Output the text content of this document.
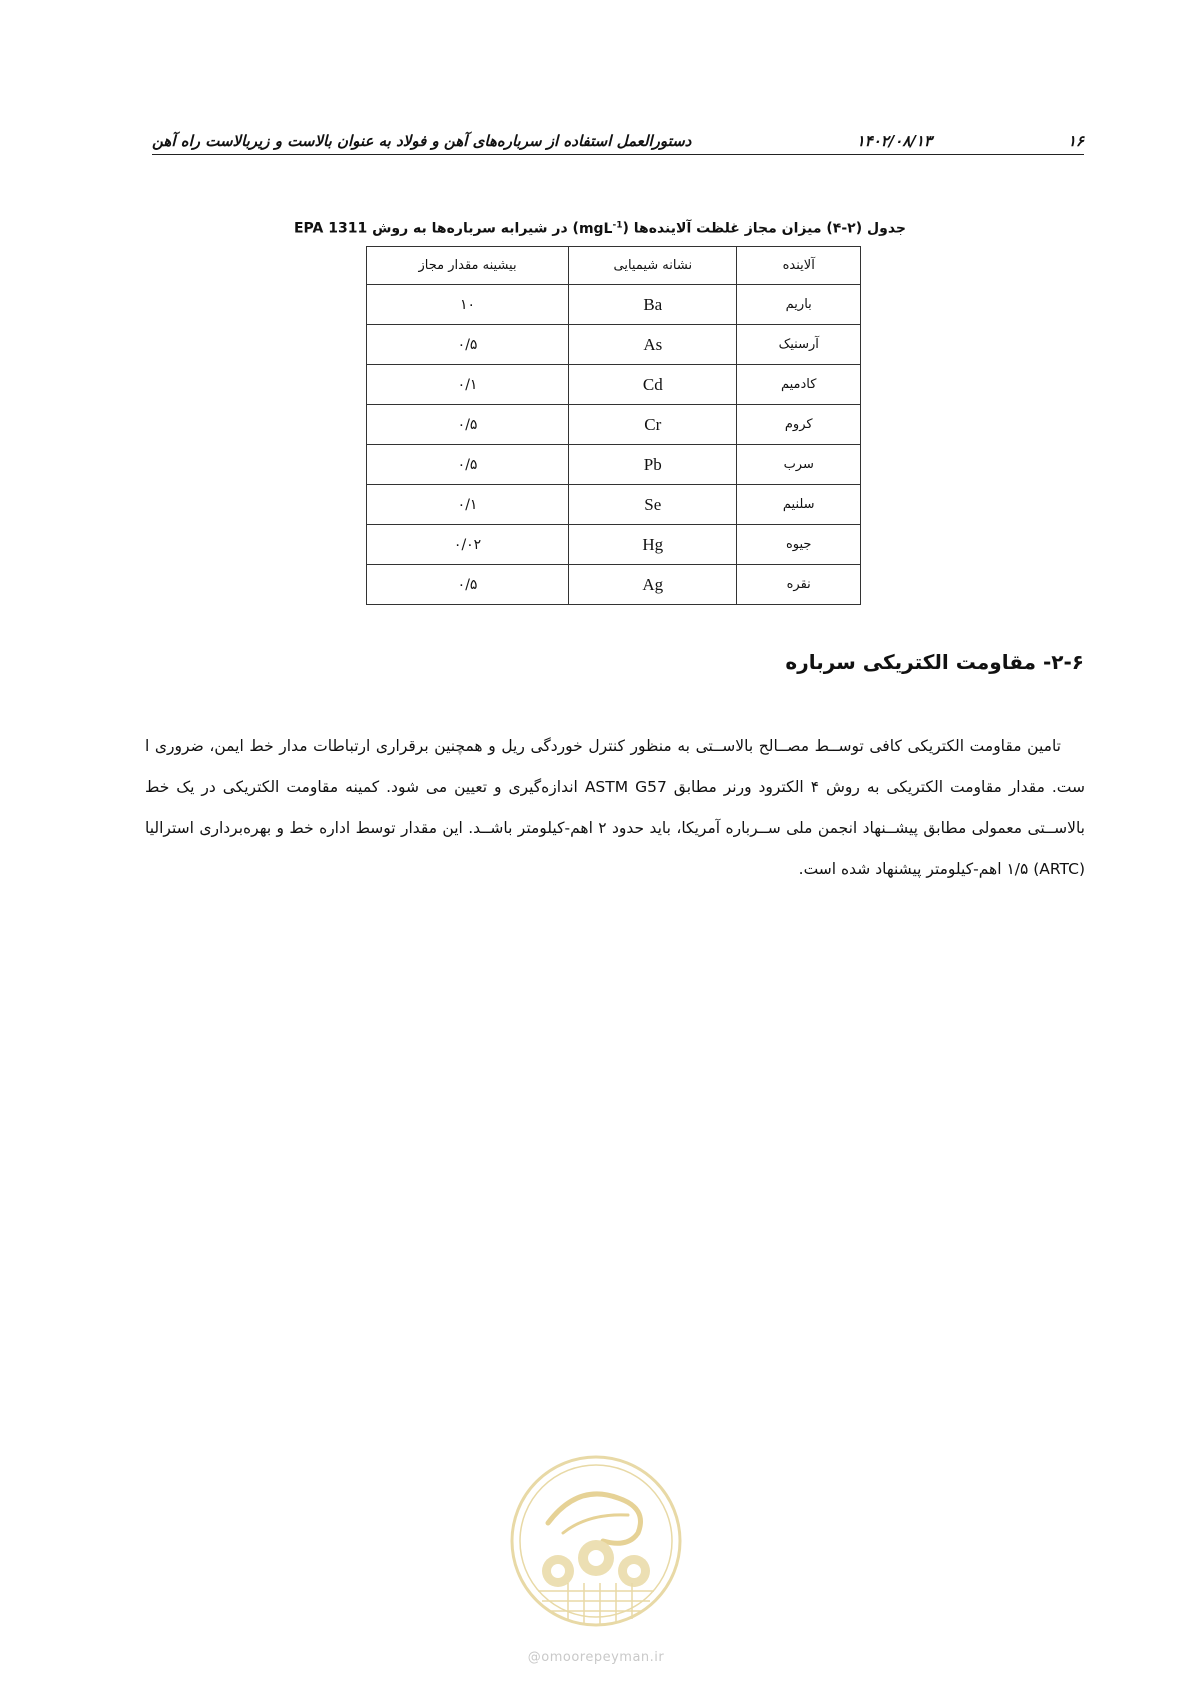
۱۶
۱۴۰۲/۰۸/۱۳
دستورالعمل استفاده از سرباره‌های آهن و فولاد به عنوان بالاست و زیربالاست راه آهن
جدول (۲-۴) میزان مجاز غلظت آلاینده‌ها (mgL$^{-1}$) در شیرابه سرباره‌ها به روش EPA 1311
آلاینده	نشانه شیمیایی	بیشینه مقدار مجاز
باریم	Ba	۱۰
آرسنیک	As	۰/۵
کادمیم	Cd	۰/۱
کروم	Cr	۰/۵
سرب	Pb	۰/۵
سلنیم	Se	۰/۱
جیوه	Hg	۰/۰۲
نقره	Ag	۰/۵
۲-۶- مقاومت الکتریکی سرباره

تامین مقاومت الکتریکی کافی توســط مصــالح بالاســتی به منظور کنترل خوردگی ریل و همچنین برقراری ارتباطات مدار خط ایمن، ضروری ا ست. مقدار مقاومت الکتریکی به روش ۴ الکترود ورنر مطابق ASTM G57 اندازه‌گیری و تعیین می شود. کمینه مقاومت الکتریکی در یک خط بالاســتی معمولی مطابق پیشــنهاد انجمن ملی ســرباره آمریکا، باید حدود ۲ اهم-کیلومتر باشــد. این مقدار توسط اداره خط و بهره‌برداری استرالیا (ARTC) ۱/۵ اهم-کیلومتر پیشنهاد شده است.

@omoorepeyman.ir
